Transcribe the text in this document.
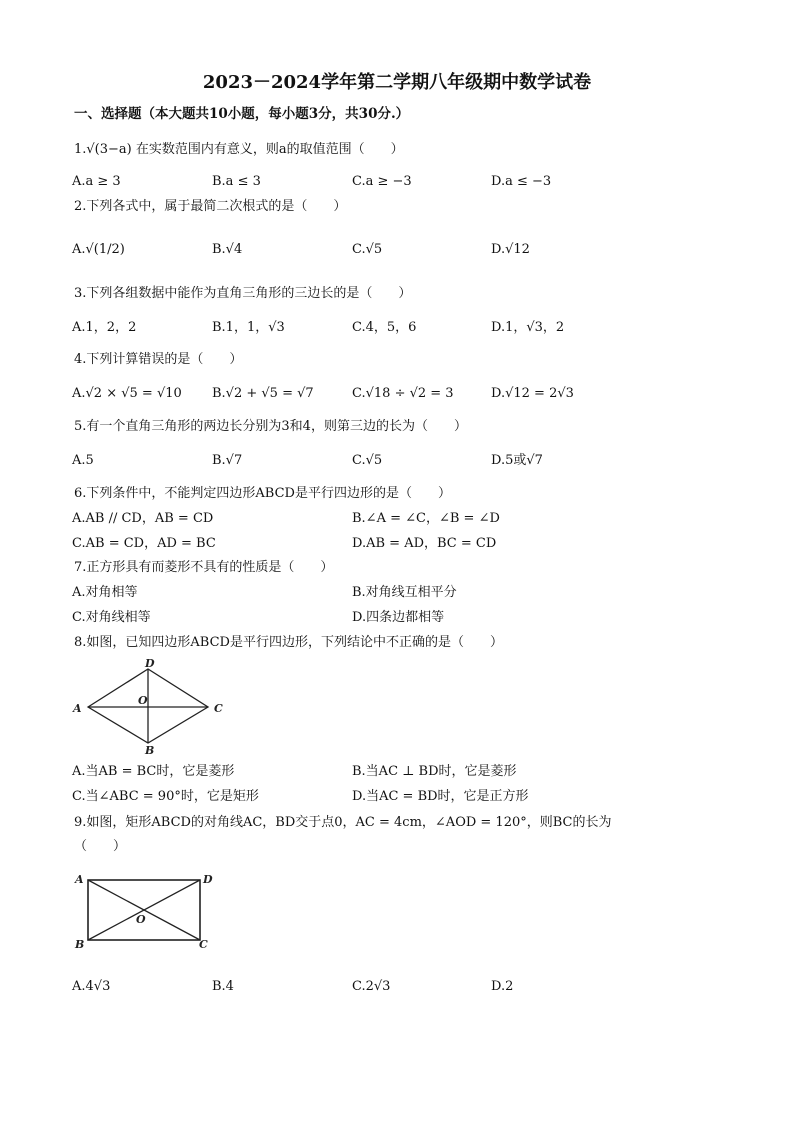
2023－2024学年第二学期八年级期中数学试卷
一、选择题（本大题共10小题，每小题3分，共30分.）
1.√(3−a) 在实数范围内有意义，则a的取值范围（　　）
A.a ≥ 3	B.a ≤ 3	C.a ≥ −3	D.a ≤ −3
2.下列各式中，属于最简二次根式的是（　　）
A.√(1/2)	B.√4	C.√5	D.√12
3.下列各组数据中能作为直角三角形的三边长的是（　　）
A.1，2，2	B.1，1，√3	C.4，5，6	D.1，√3，2
4.下列计算错误的是（　　）
A.√2 × √5 = √10 B.√2 + √5 = √7	C.√18 ÷ √2 = 3	D.√12 = 2√3
5.有一个直角三角形的两边长分别为3和4，则第三边的长为（　　）
A.5	B.√7	C.√5	D.5或√7
6.下列条件中，不能判定四边形ABCD是平行四边形的是（　　）
A.AB // CD，AB = CD	B.∠A = ∠C，∠B = ∠D
C.AB = CD，AD = BC	D.AB = AD，BC = CD
7.正方形具有而菱形不具有的性质是（　　）
A.对角相等	B.对角线互相平分
C.对角线相等	D.四条边都相等
8.如图，已知四边形ABCD是平行四边形，下列结论中不正确的是（　　）
D
O
A	C
B
A.当AB = BC时，它是菱形	B.当AC ⊥ BD时，它是菱形
C.当∠ABC = 90°时，它是矩形	D.当AC = BD时，它是正方形
9.如图，矩形ABCD的对角线AC，BD交于点0，AC = 4cm，∠AOD = 120°，则BC的长为
（　　）
A	D
O
B	C
A.4√3	B.4	C.2√3	D.2
